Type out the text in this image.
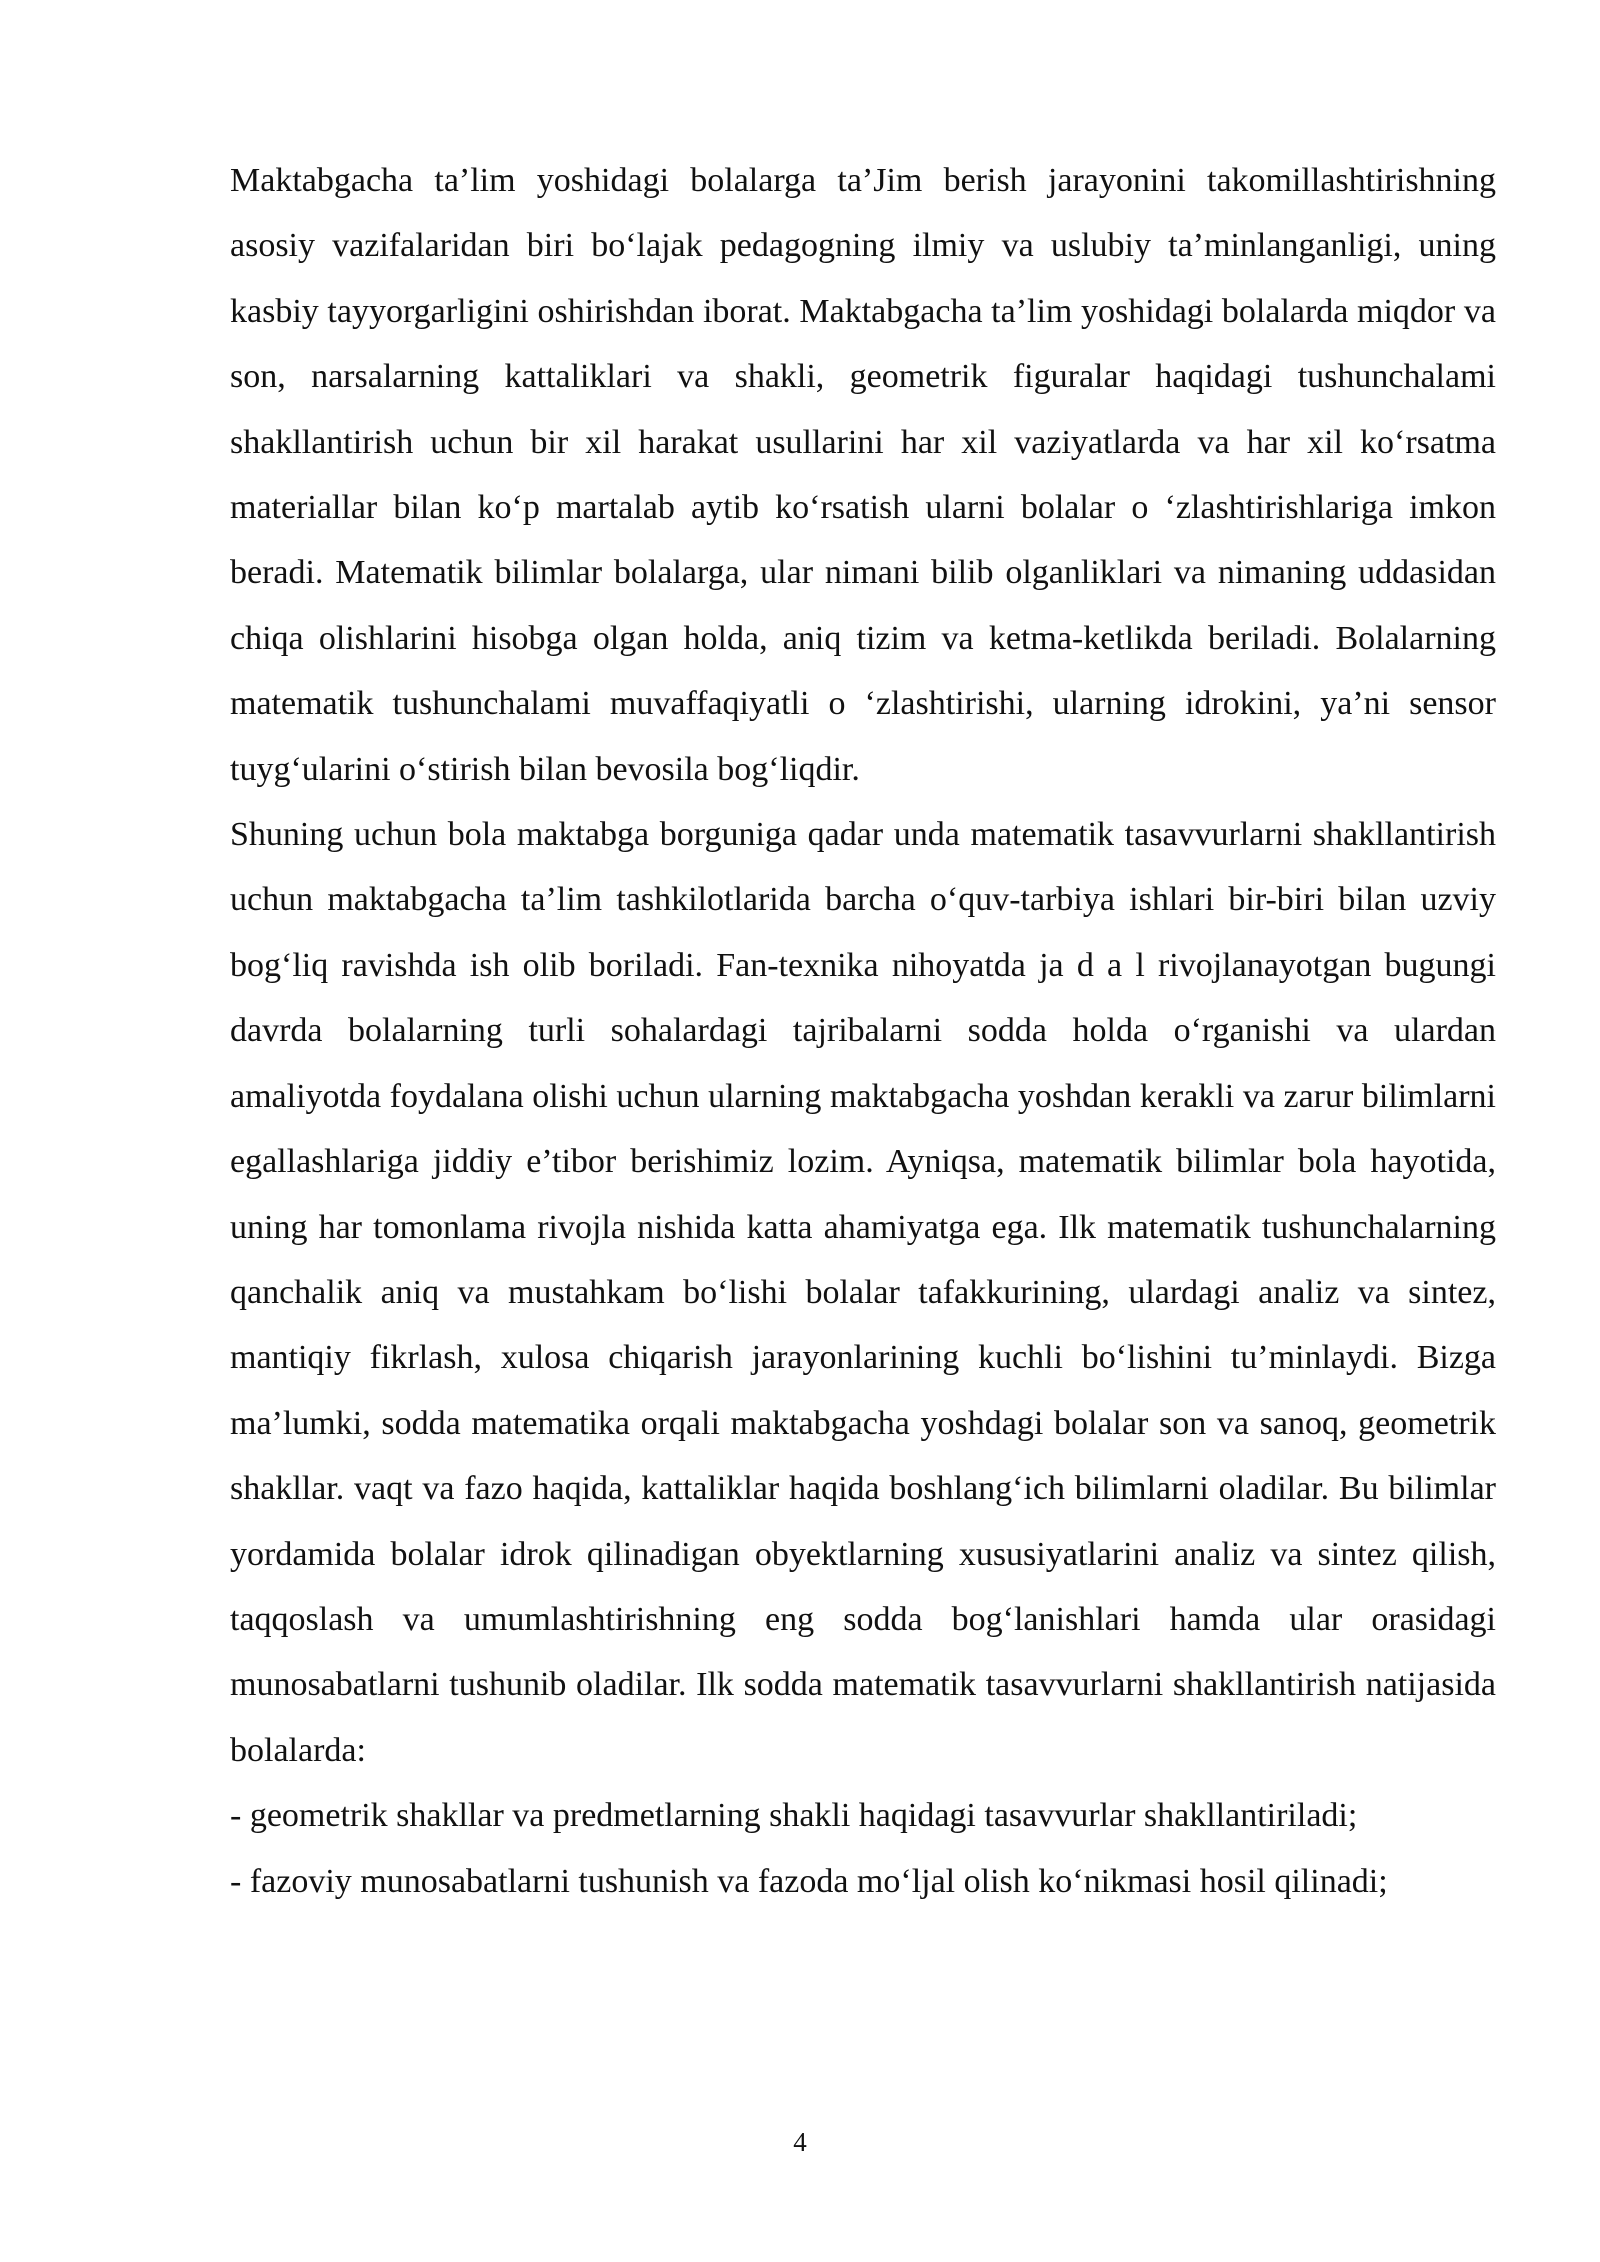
Maktabgacha ta’lim yoshidagi bolalarga ta’Jim berish jarayonini takomillashtirishning asosiy vazifalaridan biri bo‘lajak pedagogning ilmiy va uslubiy ta’minlanganligi, uning kasbiy tayyorgarligini oshirishdan iborat. Maktabgacha ta’lim yoshidagi bolalarda miqdor va son, narsalarning kattaliklari va shakli, geometrik figuralar haqidagi tushunchalami shakllantirish uchun bir xil harakat usullarini har xil vaziyatlarda va har xil ko‘rsatma materiallar bilan ko‘p martalab aytib ko‘rsatish ularni bolalar o ‘zlashtirishlariga imkon beradi. Matematik bilimlar bolalarga, ular nimani bilib olganliklari va nimaning uddasidan chiqa olishlarini hisobga olgan holda, aniq tizim va ketma-ketlikda beriladi. Bolalarning matematik tushunchalami muvaffaqiyatli o ‘zlashtirishi, ularning idrokini, ya’ni sensor tuyg‘ularini o‘stirish bilan bevosila bog‘liqdir.

Shuning uchun bola maktabga borguniga qadar unda matematik tasavvurlarni shakllantirish uchun maktabgacha ta’lim tashkilotlarida barcha o‘quv-tarbiya ishlari bir-biri bilan uzviy bog‘liq ravishda ish olib boriladi. Fan-texnika nihoyatda ja d a l rivojlanayotgan bugungi davrda bolalarning turli sohalardagi tajribalarni sodda holda o‘rganishi va ulardan amaliyotda foydalana olishi uchun ularning maktabgacha yoshdan kerakli va zarur bilimlarni egallashlariga jiddiy e’tibor berishimiz lozim. Ayniqsa, matematik bilimlar bola hayotida, uning har tomonlama rivojla nishida katta ahamiyatga ega. Ilk matematik tushunchalarning qanchalik aniq va mustahkam bo‘lishi bolalar tafakkurining, ulardagi analiz va sintez, mantiqiy fikrlash, xulosa chiqarish jarayonlarining kuchli bo‘lishini tu’minlaydi. Bizga ma’lumki, sodda matematika orqali maktabgacha yoshdagi bolalar son va sanoq, geometrik shakllar. vaqt va fazo haqida, kattaliklar haqida boshlang‘ich bilimlarni oladilar. Bu bilimlar yordamida bolalar idrok qilinadigan obyektlarning xususiyatlarini analiz va sintez qilish, taqqoslash va umumlashtirishning eng sodda bog‘lanishlari hamda ular orasidagi munosabatlarni tushunib oladilar. Ilk sodda matematik tasavvurlarni shakllantirish natijasida bolalarda:

- geometrik shakllar va predmetlarning shakli haqidagi tasavvurlar shakllantiriladi;

- fazoviy munosabatlarni tushunish va fazoda mo‘ljal olish ko‘nikmasi hosil qilinadi;

4
